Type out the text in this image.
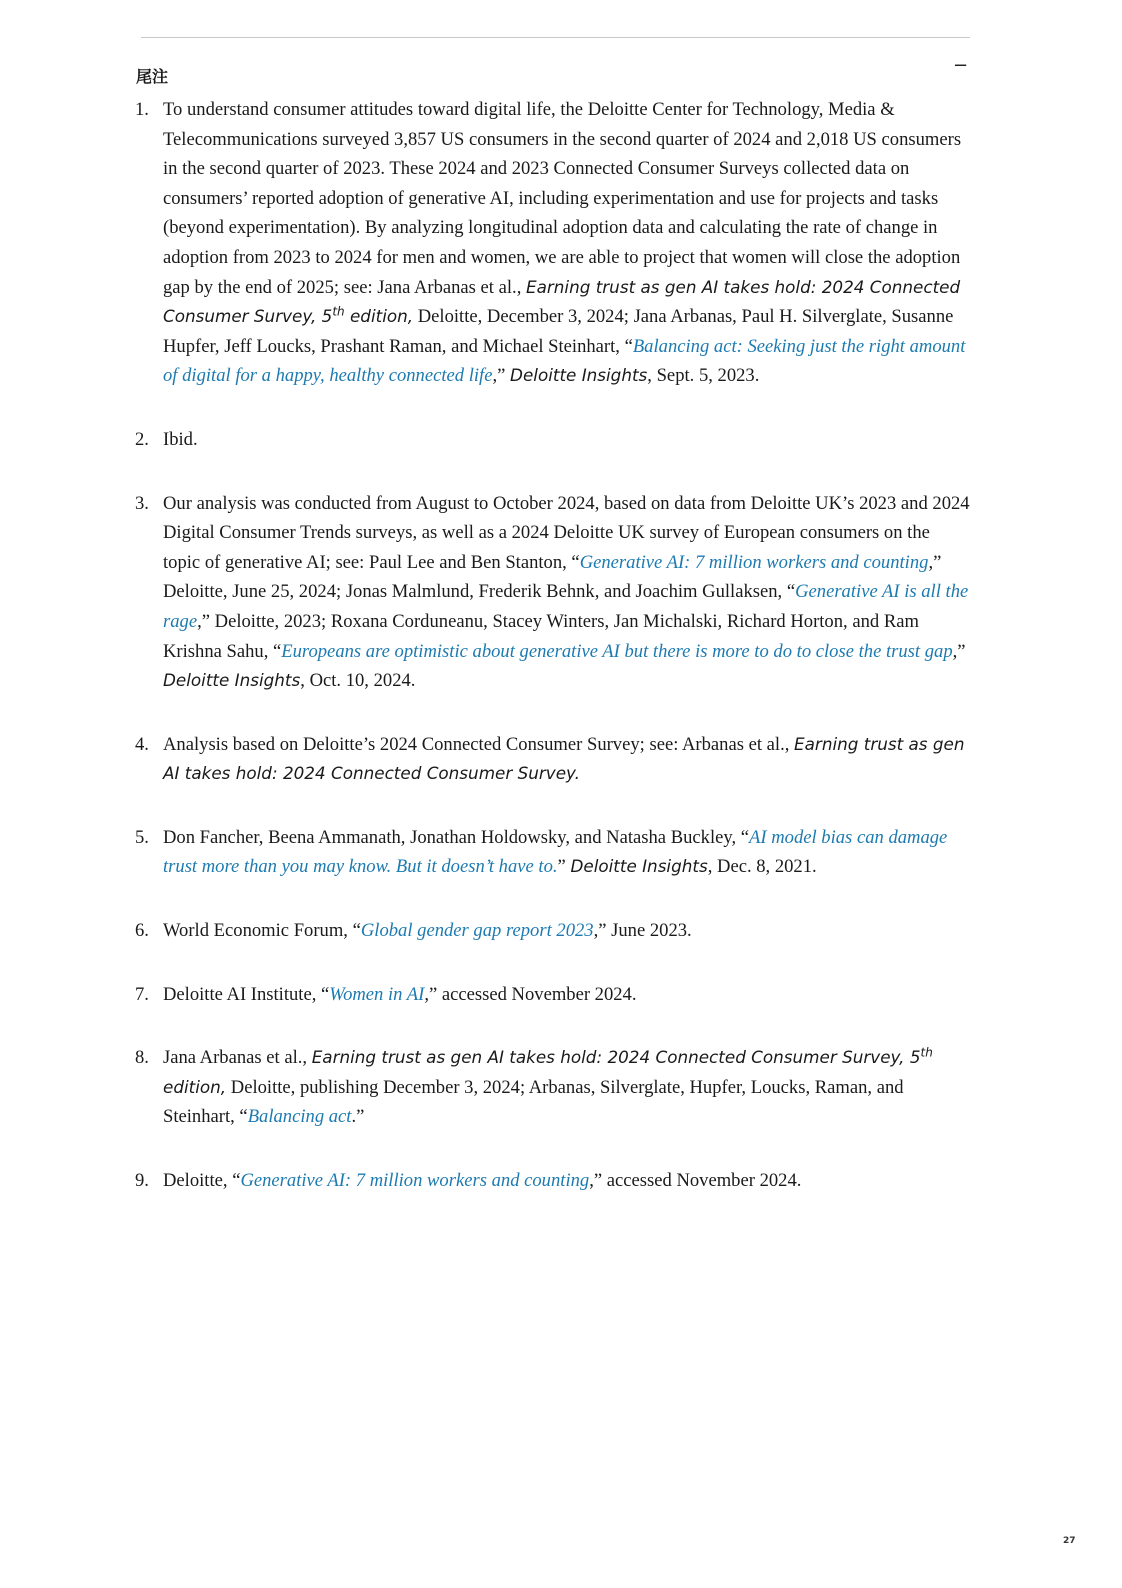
尾注
−
1. To understand consumer attitudes toward digital life, the Deloitte Center for Technology, Media & Telecommunications surveyed 3,857 US consumers in the second quarter of 2024 and 2,018 US consumers in the second quarter of 2023. These 2024 and 2023 Connected Consumer Surveys collected data on consumers’ reported adoption of generative AI, including experimentation and use for projects and tasks (beyond experimentation). By analyzing longitudinal adoption data and calculating the rate of change in adoption from 2023 to 2024 for men and women, we are able to project that women will close the adoption gap by the end of 2025; see: Jana Arbanas et al., Earning trust as gen AI takes hold: 2024 Connected Consumer Survey, 5th edition, Deloitte, December 3, 2024; Jana Arbanas, Paul H. Silverglate, Susanne Hupfer, Jeff Loucks, Prashant Raman, and Michael Steinhart, “Balancing act: Seeking just the right amount of digital for a happy, healthy connected life,” Deloitte Insights, Sept. 5, 2023.
2. Ibid.
3. Our analysis was conducted from August to October 2024, based on data from Deloitte UK’s 2023 and 2024 Digital Consumer Trends surveys, as well as a 2024 Deloitte UK survey of European consumers on the topic of generative AI; see: Paul Lee and Ben Stanton, “Generative AI: 7 million workers and counting,” Deloitte, June 25, 2024; Jonas Malmlund, Frederik Behnk, and Joachim Gullaksen, “Generative AI is all the rage,” Deloitte, 2023; Roxana Corduneanu, Stacey Winters, Jan Michalski, Richard Horton, and Ram Krishna Sahu, “Europeans are optimistic about generative AI but there is more to do to close the trust gap,” Deloitte Insights, Oct. 10, 2024.
4. Analysis based on Deloitte’s 2024 Connected Consumer Survey; see: Arbanas et al., Earning trust as gen AI takes hold: 2024 Connected Consumer Survey.
5. Don Fancher, Beena Ammanath, Jonathan Holdowsky, and Natasha Buckley, “AI model bias can damage trust more than you may know. But it doesn’t have to.” Deloitte Insights, Dec. 8, 2021.
6. World Economic Forum, “Global gender gap report 2023,” June 2023.
7. Deloitte AI Institute, “Women in AI,” accessed November 2024.
8. Jana Arbanas et al., Earning trust as gen AI takes hold: 2024 Connected Consumer Survey, 5th edition, Deloitte, publishing December 3, 2024; Arbanas, Silverglate, Hupfer, Loucks, Raman, and Steinhart, “Balancing act.”
9. Deloitte, “Generative AI: 7 million workers and counting,” accessed November 2024.
27
